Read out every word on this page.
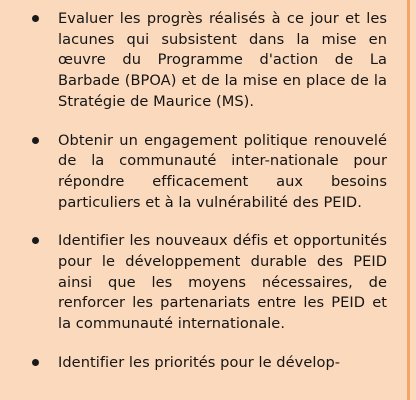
Evaluer les progrès réalisés à ce jour et les lacunes qui subsistent dans la mise en œuvre du Programme d'action de La Barbade (BPOA) et de la mise en place de la Stratégie de Maurice (MS).
Obtenir un engagement politique renouvelé de la communauté inter-nationale pour répondre efficacement aux besoins particuliers et à la vulnérabilité des PEID.
Identifier les nouveaux défis et opportunités pour le développement durable des PEID ainsi que les moyens nécessaires, de renforcer les partenariats entre les PEID et la communauté internationale.
Identifier les priorités pour le dévelop-
